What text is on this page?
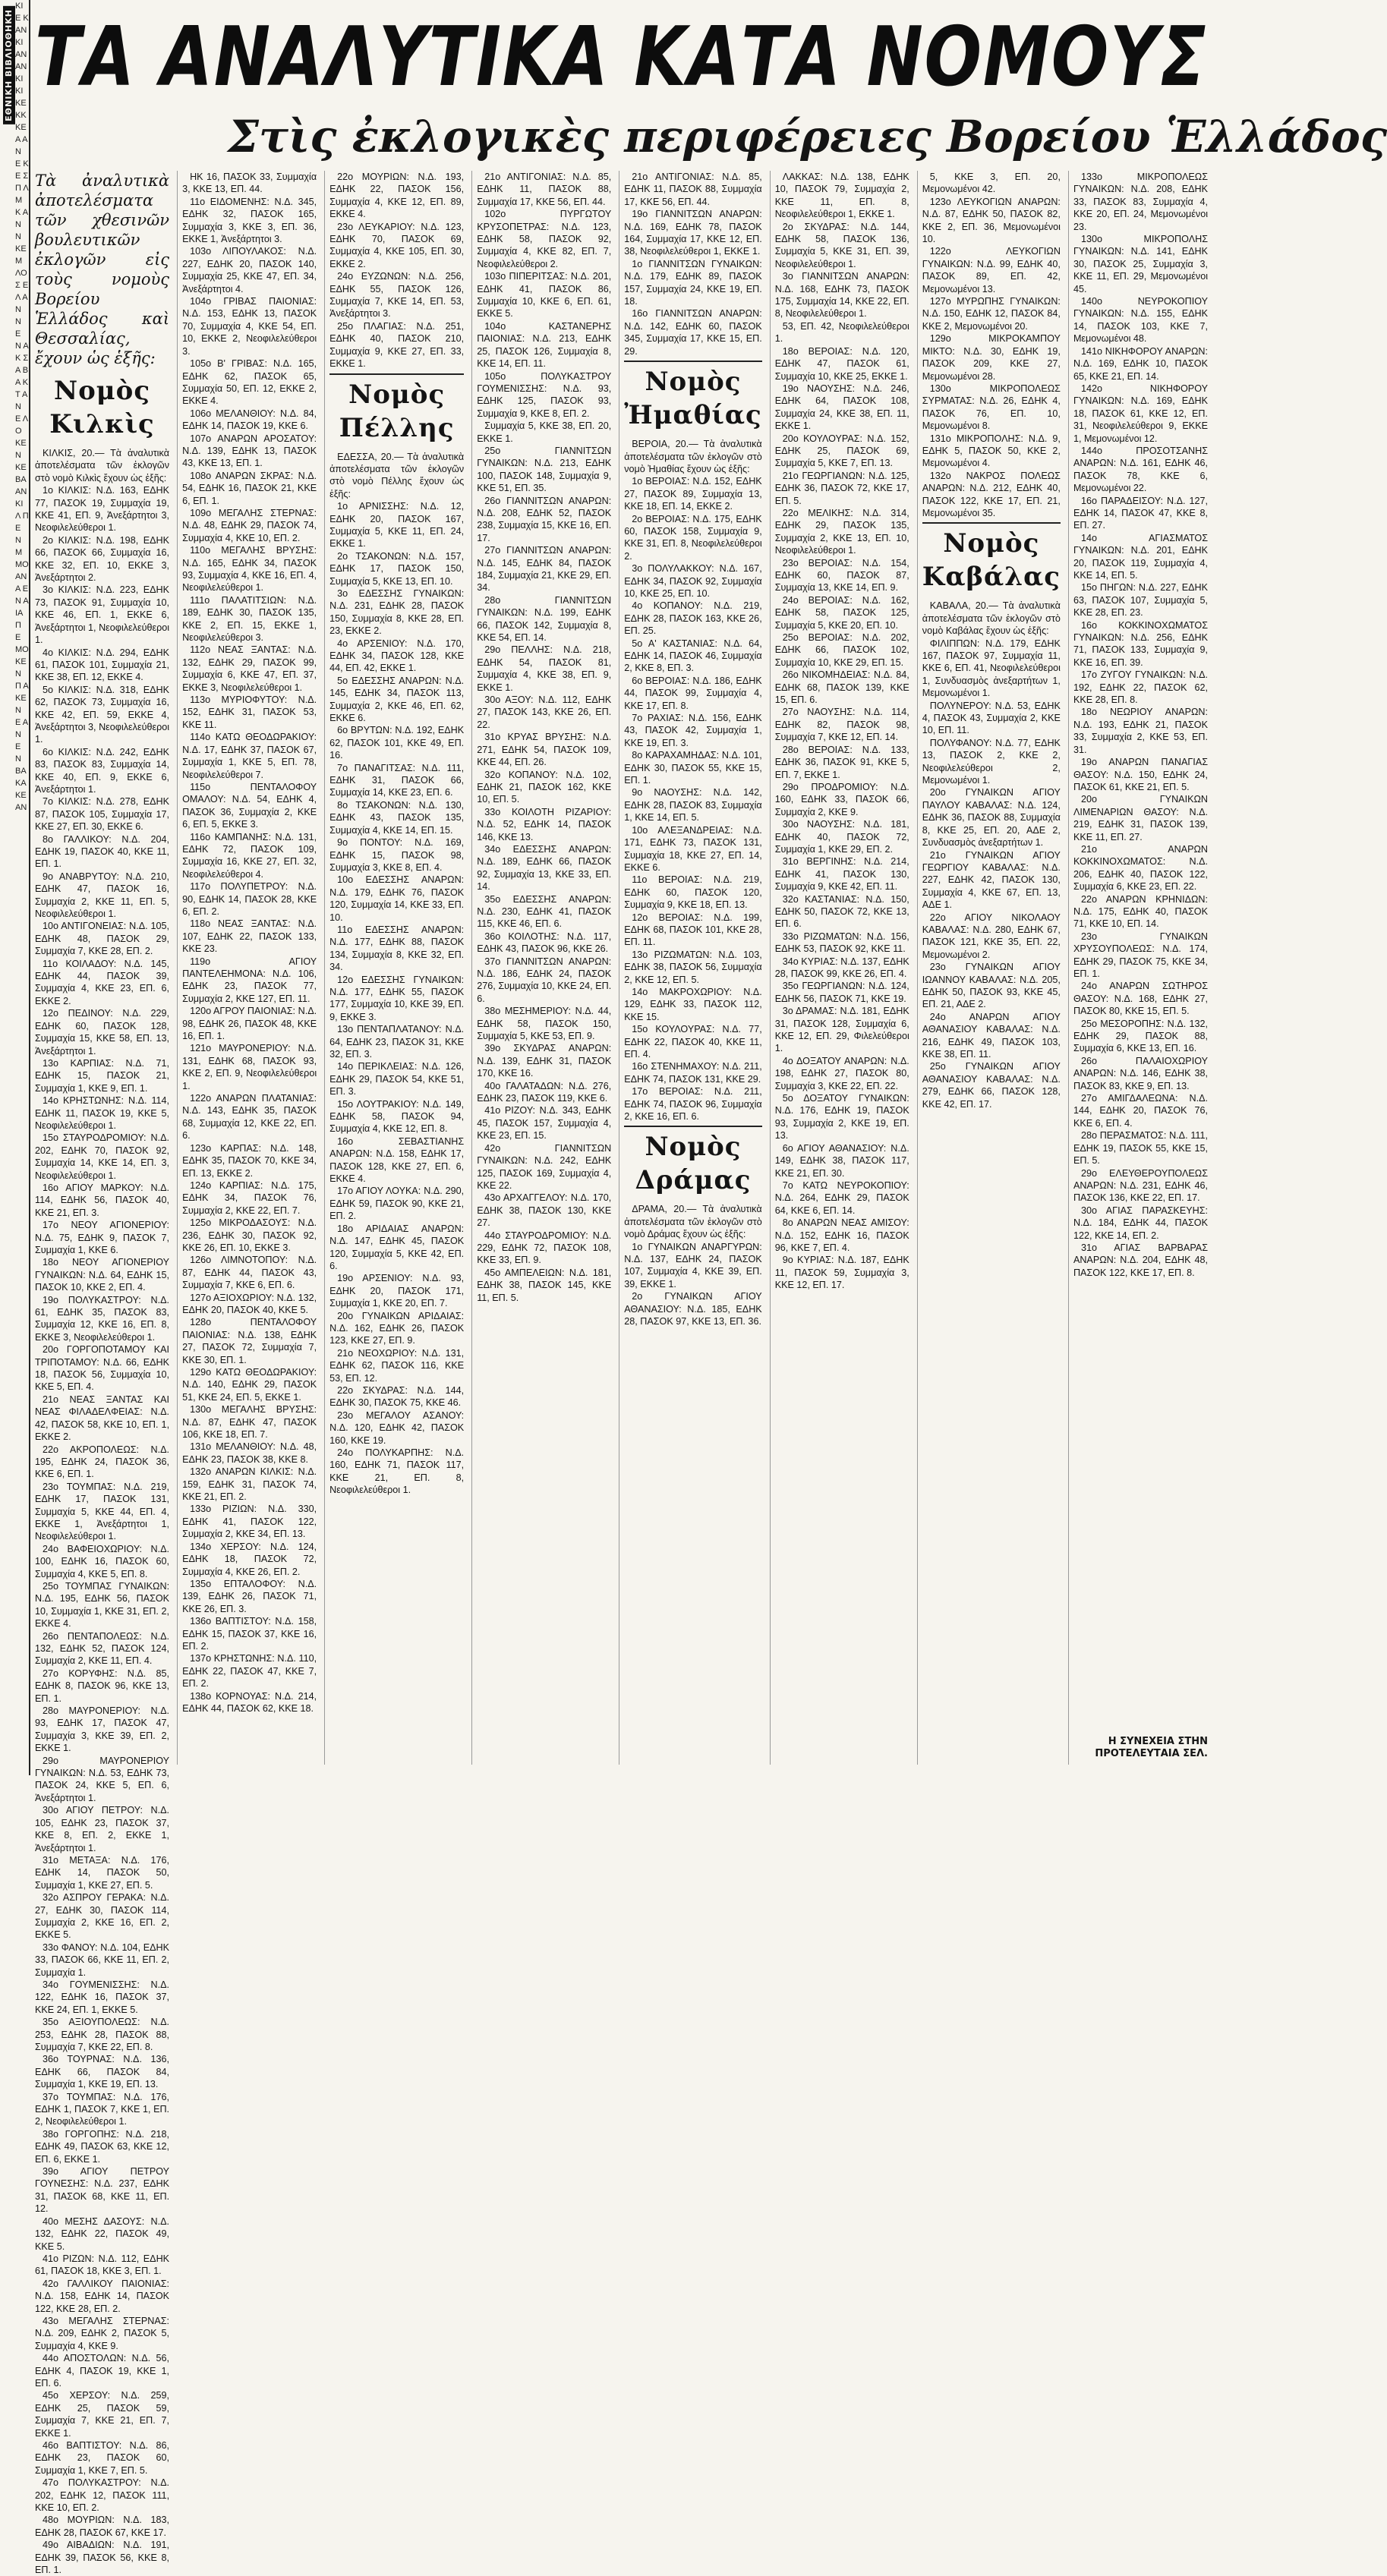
ΕΘΝΙΚΗ ΒΙΒΛΙΟΘΗΚΗ
ΚΙ Ε Κ ΑΝ ΚΙ ΑΝ ΑΝ ΚΙ ΚΙ ΚΕ ΚΚ ΚΕ Α ΑΝ Ε ΚΕ Σ Π Λ Μ Κ ΑΝ Ν ΚΕ Μ ΛΟ Σ ΕΛ ΑΝ Ν Ε Ν ΑΚ Σ Α ΒΑ Κ Τ Α Ν Ε ΛΟ ΚΕ Ν ΚΕ ΒΑ ΑΝ ΚΙ Λ Π Ε Ν Μ ΜΟ ΑΝ Α Ε Ν ΑΙΑ Π Ε ΜΟ ΚΕ Ν Π Α ΚΕ Ν Ε ΑΝ Ε Ν ΒΑ ΚΑ ΚΕ ΑΝ
ΤΑ ΑΝΑΛΥΤΙΚΑ ΚΑΤΑ ΝΟΜΟΥΣ
Στὶς ἐκλογικὲς περιφέρειες Βορείου Ἑλλάδος

Τὰ ἀναλυτικὰ ἀποτελέσματα τῶν χθεσινῶν βουλευτικῶν ἐκλογῶν εἰς τοὺς νομοὺς Βορείου Ἑλλάδος καὶ Θεσσαλίας, ἔχουν ὡς ἑξῆς:

Νομὸς Κιλκὶς

ΚΙΛΚΙΣ, 20.— Τὰ ἀναλυτικὰ ἀποτελέσματα τῶν ἐκλογῶν στὸ νομὸ Κιλκὶς ἔχουν ὡς ἑξῆς:

1ο ΚΙΛΚΙΣ: Ν.Δ. 163, ΕΔΗΚ 77, ΠΑΣΟΚ 19, Συμμαχία 19, ΚΚΕ 41, ΕΠ. 9, Ἀνεξάρτητοι 3, Νεοφιλελεύθεροι 1.

2ο ΚΙΛΚΙΣ: Ν.Δ. 198, ΕΔΗΚ 66, ΠΑΣΟΚ 66, Συμμαχία 16, ΚΚΕ 32, ΕΠ. 10, ΕΚΚΕ 3, Ἀνεξάρτητοι 2.

3ο ΚΙΛΚΙΣ: Ν.Δ. 223, ΕΔΗΚ 73, ΠΑΣΟΚ 91, Συμμαχία 10, ΚΚΕ 46, ΕΠ. 1, ΕΚΚΕ 6, Ἀνεξάρτητοι 1, Νεοφιλελεύθεροι 1.

4ο ΚΙΛΚΙΣ: Ν.Δ. 294, ΕΔΗΚ 61, ΠΑΣΟΚ 101, Συμμαχία 21, ΚΚΕ 38, ΕΠ. 12, ΕΚΚΕ 4.

5ο ΚΙΛΚΙΣ: Ν.Δ. 318, ΕΔΗΚ 62, ΠΑΣΟΚ 73, Συμμαχία 16, ΚΚΕ 42, ΕΠ. 59, ΕΚΚΕ 4, Ἀνεξάρτητοι 3, Νεοφιλελεύθεροι 1.

6ο ΚΙΛΚΙΣ: Ν.Δ. 242, ΕΔΗΚ 83, ΠΑΣΟΚ 83, Συμμαχία 14, ΚΚΕ 40, ΕΠ. 9, ΕΚΚΕ 6, Ἀνεξάρτητοι 1.

7ο ΚΙΛΚΙΣ: Ν.Δ. 278, ΕΔΗΚ 87, ΠΑΣΟΚ 105, Συμμαχία 17, ΚΚΕ 27, ΕΠ. 30, ΕΚΚΕ 6.

8ο ΓΑΛΛΙΚΟΥ: Ν.Δ. 204, ΕΔΗΚ 19, ΠΑΣΟΚ 40, ΚΚΕ 11, ΕΠ. 1.

9ο ΑΝΑΒΡΥΤΟΥ: Ν.Δ. 210, ΕΔΗΚ 47, ΠΑΣΟΚ 16, Συμμαχία 2, ΚΚΕ 11, ΕΠ. 5, Νεοφιλελεύθεροι 1.

10ο ΑΝΤΙΓΟΝΕΙΑΣ: Ν.Δ. 105, ΕΔΗΚ 48, ΠΑΣΟΚ 29, Συμμαχία 7, ΚΚΕ 28, ΕΠ. 2.

11ο ΚΟΙΛΑΔΟΥ: Ν.Δ. 145, ΕΔΗΚ 44, ΠΑΣΟΚ 39, Συμμαχία 4, ΚΚΕ 23, ΕΠ. 6, ΕΚΚΕ 2.

12ο ΠΕΔΙΝΟΥ: Ν.Δ. 229, ΕΔΗΚ 60, ΠΑΣΟΚ 128, Συμμαχία 15, ΚΚΕ 58, ΕΠ. 13, Ἀνεξάρτητοι 1.

13ο ΚΑΡΠΙΑΣ: Ν.Δ. 71, ΕΔΗΚ 15, ΠΑΣΟΚ 21, Συμμαχία 1, ΚΚΕ 9, ΕΠ. 1.

14ο ΚΡΗΣΤΩΝΗΣ: Ν.Δ. 114, ΕΔΗΚ 11, ΠΑΣΟΚ 19, ΚΚΕ 5, Νεοφιλελεύθεροι 1.

15ο ΣΤΑΥΡΟΔΡΟΜΙΟΥ: Ν.Δ. 202, ΕΔΗΚ 70, ΠΑΣΟΚ 92, Συμμαχία 14, ΚΚΕ 14, ΕΠ. 3, Νεοφιλελεύθεροι 1.

16ο ΑΓΙΟΥ ΜΑΡΚΟΥ: Ν.Δ. 114, ΕΔΗΚ 56, ΠΑΣΟΚ 40, ΚΚΕ 21, ΕΠ. 3.

17ο ΝΕΟΥ ΑΓΙΟΝΕΡΙΟΥ: Ν.Δ. 75, ΕΔΗΚ 9, ΠΑΣΟΚ 7, Συμμαχία 1, ΚΚΕ 6.

18ο ΝΕΟΥ ΑΓΙΟΝΕΡΙΟΥ ΓΥΝΑΙΚΩΝ: Ν.Δ. 64, ΕΔΗΚ 15, ΠΑΣΟΚ 10, ΚΚΕ 2, ΕΠ. 4.

19ο ΠΟΛΥΚΑΣΤΡΟΥ: Ν.Δ. 61, ΕΔΗΚ 35, ΠΑΣΟΚ 83, Συμμαχία 12, ΚΚΕ 16, ΕΠ. 8, ΕΚΚΕ 3, Νεοφιλελεύθεροι 1.

20ο ΓΟΡΓΟΠΟΤΑΜΟΥ ΚΑΙ ΤΡΙΠΟΤΑΜΟΥ: Ν.Δ. 66, ΕΔΗΚ 18, ΠΑΣΟΚ 56, Συμμαχία 10, ΚΚΕ 5, ΕΠ. 4.

21ο ΝΕΑΣ ΞΑΝΤΑΣ ΚΑΙ ΝΕΑΣ ΦΙΛΑΔΕΛΦΕΙΑΣ: Ν.Δ. 42, ΠΑΣΟΚ 58, ΚΚΕ 10, ΕΠ. 1, ΕΚΚΕ 2.

22ο ΑΚΡΟΠΟΛΕΩΣ: Ν.Δ. 195, ΕΔΗΚ 24, ΠΑΣΟΚ 36, ΚΚΕ 6, ΕΠ. 1.

23ο ΤΟΥΜΠΑΣ: Ν.Δ. 219, ΕΔΗΚ 17, ΠΑΣΟΚ 131, Συμμαχία 5, ΚΚΕ 44, ΕΠ. 4, ΕΚΚΕ 1, Ἀνεξάρτητοι 1, Νεοφιλελεύθεροι 1.

24ο ΒΑΦΕΙΟΧΩΡΙΟΥ: Ν.Δ. 100, ΕΔΗΚ 16, ΠΑΣΟΚ 60, Συμμαχία 4, ΚΚΕ 5, ΕΠ. 8.

25ο ΤΟΥΜΠΑΣ ΓΥΝΑΙΚΩΝ: Ν.Δ. 195, ΕΔΗΚ 56, ΠΑΣΟΚ 10, Συμμαχία 1, ΚΚΕ 31, ΕΠ. 2, ΕΚΚΕ 4.

26ο ΠΕΝΤΑΠΟΛΕΩΣ: Ν.Δ. 132, ΕΔΗΚ 52, ΠΑΣΟΚ 124, Συμμαχία 2, ΚΚΕ 11, ΕΠ. 4.

27ο ΚΟΡΥΦΗΣ: Ν.Δ. 85, ΕΔΗΚ 8, ΠΑΣΟΚ 96, ΚΚΕ 13, ΕΠ. 1.

28ο ΜΑΥΡΟΝΕΡΙΟΥ: Ν.Δ. 93, ΕΔΗΚ 17, ΠΑΣΟΚ 47, Συμμαχία 3, ΚΚΕ 39, ΕΠ. 2, ΕΚΚΕ 1.

29ο ΜΑΥΡΟΝΕΡΙΟΥ ΓΥΝΑΙΚΩΝ: Ν.Δ. 53, ΕΔΗΚ 73, ΠΑΣΟΚ 24, ΚΚΕ 5, ΕΠ. 6, Ἀνεξάρτητοι 1.

30ο ΑΓΙΟΥ ΠΕΤΡΟΥ: Ν.Δ. 105, ΕΔΗΚ 23, ΠΑΣΟΚ 37, ΚΚΕ 8, ΕΠ. 2, ΕΚΚΕ 1, Ἀνεξάρτητοι 1.

31ο ΜΕΤΑΞΑ: Ν.Δ. 176, ΕΔΗΚ 14, ΠΑΣΟΚ 50, Συμμαχία 1, ΚΚΕ 27, ΕΠ. 5.

32ο ΑΣΠΡΟΥ ΓΕΡΑΚΑ: Ν.Δ. 27, ΕΔΗΚ 30, ΠΑΣΟΚ 114, Συμμαχία 2, ΚΚΕ 16, ΕΠ. 2, ΕΚΚΕ 5.

33ο ΦΑΝΟΥ: Ν.Δ. 104, ΕΔΗΚ 33, ΠΑΣΟΚ 66, ΚΚΕ 11, ΕΠ. 2, Συμμαχία 1.

34ο ΓΟΥΜΕΝΙΣΣΗΣ: Ν.Δ. 122, ΕΔΗΚ 16, ΠΑΣΟΚ 37, ΚΚΕ 24, ΕΠ. 1, ΕΚΚΕ 5.

35ο ΑΞΙΟΥΠΟΛΕΩΣ: Ν.Δ. 253, ΕΔΗΚ 28, ΠΑΣΟΚ 88, Συμμαχία 7, ΚΚΕ 22, ΕΠ. 8.

36ο ΤΟΥΡΝΑΣ: Ν.Δ. 136, ΕΔΗΚ 66, ΠΑΣΟΚ 84, Συμμαχία 1, ΚΚΕ 19, ΕΠ. 13.

37ο ΤΟΥΜΠΑΣ: Ν.Δ. 176, ΕΔΗΚ 1, ΠΑΣΟΚ 7, ΚΚΕ 1, ΕΠ. 2, Νεοφιλελεύθεροι 1.

38ο ΓΟΡΓΟΠΗΣ: Ν.Δ. 218, ΕΔΗΚ 49, ΠΑΣΟΚ 63, ΚΚΕ 12, ΕΠ. 6, ΕΚΚΕ 1.

39ο ΑΓΙΟΥ ΠΕΤΡΟΥ ΓΟΥΝΕΣΗΣ: Ν.Δ. 237, ΕΔΗΚ 31, ΠΑΣΟΚ 68, ΚΚΕ 11, ΕΠ. 12.

40ο ΜΕΣΗΣ ΔΑΣΟΥΣ: Ν.Δ. 132, ΕΔΗΚ 22, ΠΑΣΟΚ 49, ΚΚΕ 5.

41ο ΡΙΖΩΝ: Ν.Δ. 112, ΕΔΗΚ 61, ΠΑΣΟΚ 18, ΚΚΕ 3, ΕΠ. 1.

42ο ΓΑΛΛΙΚΟΥ ΠΑΙΟΝΙΑΣ: Ν.Δ. 158, ΕΔΗΚ 14, ΠΑΣΟΚ 122, ΚΚΕ 28, ΕΠ. 2.

43ο ΜΕΓΑΛΗΣ ΣΤΕΡΝΑΣ: Ν.Δ. 209, ΕΔΗΚ 2, ΠΑΣΟΚ 5, Συμμαχία 4, ΚΚΕ 9.

44ο ΑΠΟΣΤΟΛΩΝ: Ν.Δ. 56, ΕΔΗΚ 4, ΠΑΣΟΚ 19, ΚΚΕ 1, ΕΠ. 6.

45ο ΧΕΡΣΟΥ: Ν.Δ. 259, ΕΔΗΚ 25, ΠΑΣΟΚ 59, Συμμαχία 7, ΚΚΕ 21, ΕΠ. 7, ΕΚΚΕ 1.

46ο ΒΑΠΤΙΣΤΟΥ: Ν.Δ. 86, ΕΔΗΚ 23, ΠΑΣΟΚ 60, Συμμαχία 1, ΚΚΕ 7, ΕΠ. 5.

47ο ΠΟΛΥΚΑΣΤΡΟΥ: Ν.Δ. 202, ΕΔΗΚ 12, ΠΑΣΟΚ 111, ΚΚΕ 10, ΕΠ. 2.

48ο ΜΟΥΡΙΩΝ: Ν.Δ. 183, ΕΔΗΚ 28, ΠΑΣΟΚ 67, ΚΚΕ 17.

49ο ΑΙΒΑΔΙΩΝ: Ν.Δ. 191, ΕΔΗΚ 39, ΠΑΣΟΚ 56, ΚΚΕ 8, ΕΠ. 1.

ΗΚ 16, ΠΑΣΟΚ 33, Συμμαχία 3, ΚΚΕ 13, ΕΠ. 44.

11ο ΕΙΔΟΜΕΝΗΣ: Ν.Δ. 345, ΕΔΗΚ 32, ΠΑΣΟΚ 165, Συμμαχία 3, ΚΚΕ 3, ΕΠ. 36, ΕΚΚΕ 1, Ἀνεξάρτητοι 3.

103ο ΛΙΠΟΥΛΑΚΟΣ: Ν.Δ. 227, ΕΔΗΚ 20, ΠΑΣΟΚ 140, Συμμαχία 25, ΚΚΕ 47, ΕΠ. 34, Ἀνεξάρτητοι 4.

104ο ΓΡΙΒΑΣ ΠΑΙΟΝΙΑΣ: Ν.Δ. 153, ΕΔΗΚ 13, ΠΑΣΟΚ 70, Συμμαχία 4, ΚΚΕ 54, ΕΠ. 10, ΕΚΚΕ 2, Νεοφιλελεύθεροι 3.

105ο Β' ΓΡΙΒΑΣ: Ν.Δ. 165, ΕΔΗΚ 62, ΠΑΣΟΚ 65, Συμμαχία 50, ΕΠ. 12, ΕΚΚΕ 2, ΕΚΚΕ 4.

106ο ΜΕΛΑΝΘΙΟΥ: Ν.Δ. 84, ΕΔΗΚ 14, ΠΑΣΟΚ 19, ΚΚΕ 6.

107ο ΑΝΑΡΩΝ ΑΡΟΣΑΤΟΥ: Ν.Δ. 139, ΕΔΗΚ 13, ΠΑΣΟΚ 43, ΚΚΕ 13, ΕΠ. 1.

108ο ΑΝΑΡΩΝ ΣΚΡΑΣ: Ν.Δ. 54, ΕΔΗΚ 16, ΠΑΣΟΚ 21, ΚΚΕ 6, ΕΠ. 1.

109ο ΜΕΓΑΛΗΣ ΣΤΕΡΝΑΣ: Ν.Δ. 48, ΕΔΗΚ 29, ΠΑΣΟΚ 74, Συμμαχία 4, ΚΚΕ 10, ΕΠ. 2.

110ο ΜΕΓΑΛΗΣ ΒΡΥΣΗΣ: Ν.Δ. 165, ΕΔΗΚ 34, ΠΑΣΟΚ 93, Συμμαχία 4, ΚΚΕ 16, ΕΠ. 4, Νεοφιλελεύθεροι 1.

111ο ΠΑΛΑΤΙΤΣΙΩΝ: Ν.Δ. 189, ΕΔΗΚ 30, ΠΑΣΟΚ 135, ΚΚΕ 2, ΕΠ. 15, ΕΚΚΕ 1, Νεοφιλελεύθεροι 3.

112ο ΝΕΑΣ ΞΑΝΤΑΣ: Ν.Δ. 132, ΕΔΗΚ 29, ΠΑΣΟΚ 99, Συμμαχία 6, ΚΚΕ 47, ΕΠ. 37, ΕΚΚΕ 3, Νεοφιλελεύθεροι 1.

113ο ΜΥΡΙΟΦΥΤΟΥ: Ν.Δ. 152, ΕΔΗΚ 31, ΠΑΣΟΚ 53, ΚΚΕ 11.

114ο ΚΑΤΩ ΘΕΟΔΩΡΑΚΙΟΥ: Ν.Δ. 17, ΕΔΗΚ 37, ΠΑΣΟΚ 67, Συμμαχία 1, ΚΚΕ 5, ΕΠ. 78, Νεοφιλελεύθεροι 7.

115ο ΠΕΝΤΑΛΟΦΟΥ ΟΜΑΛΟΥ: Ν.Δ. 54, ΕΔΗΚ 4, ΠΑΣΟΚ 36, Συμμαχία 2, ΚΚΕ 6, ΕΠ. 5, ΕΚΚΕ 3.

116ο ΚΑΜΠΑΝΗΣ: Ν.Δ. 131, ΕΔΗΚ 72, ΠΑΣΟΚ 109, Συμμαχία 16, ΚΚΕ 27, ΕΠ. 32, Νεοφιλελεύθεροι 4.

117ο ΠΟΛΥΠΕΤΡΟΥ: Ν.Δ. 90, ΕΔΗΚ 14, ΠΑΣΟΚ 28, ΚΚΕ 6, ΕΠ. 2.

118ο ΝΕΑΣ ΞΑΝΤΑΣ: Ν.Δ. 107, ΕΔΗΚ 22, ΠΑΣΟΚ 133, ΚΚΕ 23.

119ο ΑΓΙΟΥ ΠΑΝΤΕΛΕΗΜΟΝΑ: Ν.Δ. 106, ΕΔΗΚ 23, ΠΑΣΟΚ 77, Συμμαχία 2, ΚΚΕ 127, ΕΠ. 11.

120ο ΑΓΡΟΥ ΠΑΙΟΝΙΑΣ: Ν.Δ. 98, ΕΔΗΚ 26, ΠΑΣΟΚ 48, ΚΚΕ 16, ΕΠ. 1.

121ο ΜΑΥΡΟΝΕΡΙΟΥ: Ν.Δ. 131, ΕΔΗΚ 68, ΠΑΣΟΚ 93, ΚΚΕ 2, ΕΠ. 9, Νεοφιλελεύθεροι 1.

122ο ΑΝΑΡΩΝ ΠΛΑΤΑΝΙΑΣ: Ν.Δ. 143, ΕΔΗΚ 35, ΠΑΣΟΚ 68, Συμμαχία 12, ΚΚΕ 22, ΕΠ. 6.

123ο ΚΑΡΠΑΣ: Ν.Δ. 148, ΕΔΗΚ 35, ΠΑΣΟΚ 70, ΚΚΕ 34, ΕΠ. 13, ΕΚΚΕ 2.

124ο ΚΑΡΠΙΑΣ: Ν.Δ. 175, ΕΔΗΚ 34, ΠΑΣΟΚ 76, Συμμαχία 2, ΚΚΕ 22, ΕΠ. 7.

125ο ΜΙΚΡΟΔΑΣΟΥΣ: Ν.Δ. 236, ΕΔΗΚ 30, ΠΑΣΟΚ 92, ΚΚΕ 26, ΕΠ. 10, ΕΚΚΕ 3.

126ο ΛΙΜΝΟΤΟΠΟΥ: Ν.Δ. 87, ΕΔΗΚ 44, ΠΑΣΟΚ 43, Συμμαχία 7, ΚΚΕ 6, ΕΠ. 6.

127ο ΑΞΙΟΧΩΡΙΟΥ: Ν.Δ. 132, ΕΔΗΚ 20, ΠΑΣΟΚ 40, ΚΚΕ 5.

128ο ΠΕΝΤΑΛΟΦΟΥ ΠΑΙΟΝΙΑΣ: Ν.Δ. 138, ΕΔΗΚ 27, ΠΑΣΟΚ 72, Συμμαχία 7, ΚΚΕ 30, ΕΠ. 1.

129ο ΚΑΤΩ ΘΕΟΔΩΡΑΚΙΟΥ: Ν.Δ. 140, ΕΔΗΚ 29, ΠΑΣΟΚ 51, ΚΚΕ 24, ΕΠ. 5, ΕΚΚΕ 1.

130ο ΜΕΓΑΛΗΣ ΒΡΥΣΗΣ: Ν.Δ. 87, ΕΔΗΚ 47, ΠΑΣΟΚ 106, ΚΚΕ 18, ΕΠ. 7.

131ο ΜΕΛΑΝΘΙΟΥ: Ν.Δ. 48, ΕΔΗΚ 23, ΠΑΣΟΚ 38, ΚΚΕ 8.

132ο ΑΝΑΡΩΝ ΚΙΛΚΙΣ: Ν.Δ. 159, ΕΔΗΚ 31, ΠΑΣΟΚ 74, ΚΚΕ 21, ΕΠ. 2.

133ο ΡΙΖΙΩΝ: Ν.Δ. 330, ΕΔΗΚ 41, ΠΑΣΟΚ 122, Συμμαχία 2, ΚΚΕ 34, ΕΠ. 13.

134ο ΧΕΡΣΟΥ: Ν.Δ. 124, ΕΔΗΚ 18, ΠΑΣΟΚ 72, Συμμαχία 4, ΚΚΕ 26, ΕΠ. 2.

135ο ΕΠΤΑΛΟΦΟΥ: Ν.Δ. 139, ΕΔΗΚ 26, ΠΑΣΟΚ 71, ΚΚΕ 26, ΕΠ. 3.

136ο ΒΑΠΤΙΣΤΟΥ: Ν.Δ. 158, ΕΔΗΚ 15, ΠΑΣΟΚ 37, ΚΚΕ 16, ΕΠ. 2.

137ο ΚΡΗΣΤΩΝΗΣ: Ν.Δ. 110, ΕΔΗΚ 22, ΠΑΣΟΚ 47, ΚΚΕ 7, ΕΠ. 2.

138ο ΚΟΡΝΟΥΑΣ: Ν.Δ. 214, ΕΔΗΚ 44, ΠΑΣΟΚ 62, ΚΚΕ 18.

22ο ΜΟΥΡΙΩΝ: Ν.Δ. 193, ΕΔΗΚ 22, ΠΑΣΟΚ 156, Συμμαχία 4, ΚΚΕ 12, ΕΠ. 89, ΕΚΚΕ 4.

23ο ΛΕΥΚΑΡΙΟΥ: Ν.Δ. 123, ΕΔΗΚ 70, ΠΑΣΟΚ 69, Συμμαχία 4, ΚΚΕ 105, ΕΠ. 30, ΕΚΚΕ 2.

24ο ΕΥΖΩΝΩΝ: Ν.Δ. 256, ΕΔΗΚ 55, ΠΑΣΟΚ 126, Συμμαχία 7, ΚΚΕ 14, ΕΠ. 53, Ἀνεξάρτητοι 3.

25ο ΠΛΑΓΙΑΣ: Ν.Δ. 251, ΕΔΗΚ 40, ΠΑΣΟΚ 210, Συμμαχία 9, ΚΚΕ 27, ΕΠ. 33, ΕΚΚΕ 1.

Νομὸς Πέλλης

ΕΔΕΣΣΑ, 20.— Τὰ ἀναλυτικὰ ἀποτελέσματα τῶν ἐκλογῶν στὸ νομὸ Πέλλης ἔχουν ὡς ἑξῆς:

1ο ΑΡΝΙΣΣΗΣ: Ν.Δ. 12, ΕΔΗΚ 20, ΠΑΣΟΚ 167, Συμμαχία 5, ΚΚΕ 11, ΕΠ. 24, ΕΚΚΕ 1.

2ο ΤΣΑΚΟΝΩΝ: Ν.Δ. 157, ΕΔΗΚ 17, ΠΑΣΟΚ 150, Συμμαχία 5, ΚΚΕ 13, ΕΠ. 10.

3ο ΕΔΕΣΣΗΣ ΓΥΝΑΙΚΩΝ: Ν.Δ. 231, ΕΔΗΚ 28, ΠΑΣΟΚ 150, Συμμαχία 8, ΚΚΕ 28, ΕΠ. 23, ΕΚΚΕ 2.

4ο ΑΡΣΕΝΙΟΥ: Ν.Δ. 170, ΕΔΗΚ 34, ΠΑΣΟΚ 128, ΚΚΕ 44, ΕΠ. 42, ΕΚΚΕ 1.

5ο ΕΔΕΣΣΗΣ ΑΝΑΡΩΝ: Ν.Δ. 145, ΕΔΗΚ 34, ΠΑΣΟΚ 113, Συμμαχία 2, ΚΚΕ 46, ΕΠ. 62, ΕΚΚΕ 6.

6ο ΒΡΥΤΩΝ: Ν.Δ. 192, ΕΔΗΚ 62, ΠΑΣΟΚ 101, ΚΚΕ 49, ΕΠ. 16.

7ο ΠΑΝΑΓΙΤΣΑΣ: Ν.Δ. 111, ΕΔΗΚ 31, ΠΑΣΟΚ 66, Συμμαχία 14, ΚΚΕ 23, ΕΠ. 6.

8ο ΤΣΑΚΟΝΩΝ: Ν.Δ. 130, ΕΔΗΚ 43, ΠΑΣΟΚ 135, Συμμαχία 4, ΚΚΕ 14, ΕΠ. 15.

9ο ΠΟΝΤΟΥ: Ν.Δ. 169, ΕΔΗΚ 15, ΠΑΣΟΚ 98, Συμμαχία 3, ΚΚΕ 8, ΕΠ. 4.

10ο ΕΔΕΣΣΗΣ ΑΝΑΡΩΝ: Ν.Δ. 179, ΕΔΗΚ 76, ΠΑΣΟΚ 120, Συμμαχία 14, ΚΚΕ 33, ΕΠ. 10.

11ο ΕΔΕΣΣΗΣ ΑΝΑΡΩΝ: Ν.Δ. 177, ΕΔΗΚ 88, ΠΑΣΟΚ 134, Συμμαχία 8, ΚΚΕ 32, ΕΠ. 34.

12ο ΕΔΕΣΣΗΣ ΓΥΝΑΙΚΩΝ: Ν.Δ. 177, ΕΔΗΚ 55, ΠΑΣΟΚ 177, Συμμαχία 10, ΚΚΕ 39, ΕΠ. 9, ΕΚΚΕ 3.

13ο ΠΕΝΤΑΠΛΑΤΑΝΟΥ: Ν.Δ. 64, ΕΔΗΚ 23, ΠΑΣΟΚ 31, ΚΚΕ 32, ΕΠ. 3.

14ο ΠΕΡΙΚΛΕΙΑΣ: Ν.Δ. 126, ΕΔΗΚ 29, ΠΑΣΟΚ 54, ΚΚΕ 51, ΕΠ. 3.

15ο ΛΟΥΤΡΑΚΙΟΥ: Ν.Δ. 149, ΕΔΗΚ 58, ΠΑΣΟΚ 94, Συμμαχία 4, ΚΚΕ 12, ΕΠ. 8.

16ο ΣΕΒΑΣΤΙΑΝΗΣ ΑΝΑΡΩΝ: Ν.Δ. 158, ΕΔΗΚ 17, ΠΑΣΟΚ 128, ΚΚΕ 27, ΕΠ. 6, ΕΚΚΕ 4.

17ο ΑΓΙΟΥ ΛΟΥΚΑ: Ν.Δ. 290, ΕΔΗΚ 59, ΠΑΣΟΚ 90, ΚΚΕ 21, ΕΠ. 2.

18ο ΑΡΙΔΑΙΑΣ ΑΝΑΡΩΝ: Ν.Δ. 147, ΕΔΗΚ 45, ΠΑΣΟΚ 120, Συμμαχία 5, ΚΚΕ 42, ΕΠ. 6.

19ο ΑΡΣΕΝΙΟΥ: Ν.Δ. 93, ΕΔΗΚ 20, ΠΑΣΟΚ 171, Συμμαχία 1, ΚΚΕ 20, ΕΠ. 7.

20ο ΓΥΝΑΙΚΩΝ ΑΡΙΔΑΙΑΣ: Ν.Δ. 162, ΕΔΗΚ 26, ΠΑΣΟΚ 123, ΚΚΕ 27, ΕΠ. 9.

21ο ΝΕΟΧΩΡΙΟΥ: Ν.Δ. 131, ΕΔΗΚ 62, ΠΑΣΟΚ 116, ΚΚΕ 53, ΕΠ. 12.

22ο ΣΚΥΔΡΑΣ: Ν.Δ. 144, ΕΔΗΚ 30, ΠΑΣΟΚ 75, ΚΚΕ 46.

23ο ΜΕΓΑΛΟΥ ΑΣΑΝΟΥ: Ν.Δ. 120, ΕΔΗΚ 42, ΠΑΣΟΚ 160, ΚΚΕ 19.

24ο ΠΟΛΥΚΑΡΠΗΣ: Ν.Δ. 160, ΕΔΗΚ 71, ΠΑΣΟΚ 117, ΚΚΕ 21, ΕΠ. 8, Νεοφιλελεύθεροι 1.

21ο ΑΝΤΙΓΟΝΙΑΣ: Ν.Δ. 85, ΕΔΗΚ 11, ΠΑΣΟΚ 88, Συμμαχία 17, ΚΚΕ 56, ΕΠ. 44.

102ο ΠΥΡΓΩΤΟΥ ΚΡΥΣΟΠΕΤΡΑΣ: Ν.Δ. 123, ΕΔΗΚ 58, ΠΑΣΟΚ 92, Συμμαχία 4, ΚΚΕ 82, ΕΠ. 7, Νεοφιλελεύθεροι 2.

103ο ΠΙΠΕΡΙΤΣΑΣ: Ν.Δ. 201, ΕΔΗΚ 41, ΠΑΣΟΚ 86, Συμμαχία 10, ΚΚΕ 6, ΕΠ. 61, ΕΚΚΕ 5.

104ο ΚΑΣΤΑΝΕΡΗΣ ΠΑΙΟΝΙΑΣ: Ν.Δ. 213, ΕΔΗΚ 25, ΠΑΣΟΚ 126, Συμμαχία 8, ΚΚΕ 14, ΕΠ. 11.

105ο ΠΟΛΥΚΑΣΤΡΟΥ ΓΟΥΜΕΝΙΣΣΗΣ: Ν.Δ. 93, ΕΔΗΚ 125, ΠΑΣΟΚ 93, Συμμαχία 9, ΚΚΕ 8, ΕΠ. 2.

Συμμαχία 5, ΚΚΕ 38, ΕΠ. 20, ΕΚΚΕ 1.

25ο ΓΙΑΝΝΙΤΣΩΝ ΓΥΝΑΙΚΩΝ: Ν.Δ. 213, ΕΔΗΚ 100, ΠΑΣΟΚ 148, Συμμαχία 9, ΚΚΕ 51, ΕΠ. 35.

26ο ΓΙΑΝΝΙΤΣΩΝ ΑΝΑΡΩΝ: Ν.Δ. 208, ΕΔΗΚ 52, ΠΑΣΟΚ 238, Συμμαχία 15, ΚΚΕ 16, ΕΠ. 17.

27ο ΓΙΑΝΝΙΤΣΩΝ ΑΝΑΡΩΝ: Ν.Δ. 145, ΕΔΗΚ 84, ΠΑΣΟΚ 184, Συμμαχία 21, ΚΚΕ 29, ΕΠ. 34.

28ο ΓΙΑΝΝΙΤΣΩΝ ΓΥΝΑΙΚΩΝ: Ν.Δ. 199, ΕΔΗΚ 66, ΠΑΣΟΚ 142, Συμμαχία 8, ΚΚΕ 54, ΕΠ. 14.

29ο ΠΕΛΛΗΣ: Ν.Δ. 218, ΕΔΗΚ 54, ΠΑΣΟΚ 81, Συμμαχία 4, ΚΚΕ 38, ΕΠ. 9, ΕΚΚΕ 1.

30ο ΑΞΟΥ: Ν.Δ. 112, ΕΔΗΚ 27, ΠΑΣΟΚ 143, ΚΚΕ 26, ΕΠ. 22.

31ο ΚΡΥΑΣ ΒΡΥΣΗΣ: Ν.Δ. 271, ΕΔΗΚ 54, ΠΑΣΟΚ 109, ΚΚΕ 44, ΕΠ. 26.

32ο ΚΟΠΑΝΟΥ: Ν.Δ. 102, ΕΔΗΚ 21, ΠΑΣΟΚ 162, ΚΚΕ 10, ΕΠ. 5.

33ο ΚΟΙΛΟΤΗ ΡΙΖΑΡΙΟΥ: Ν.Δ. 52, ΕΔΗΚ 14, ΠΑΣΟΚ 146, ΚΚΕ 13.

34ο ΕΔΕΣΣΗΣ ΑΝΑΡΩΝ: Ν.Δ. 189, ΕΔΗΚ 66, ΠΑΣΟΚ 92, Συμμαχία 13, ΚΚΕ 33, ΕΠ. 14.

35ο ΕΔΕΣΣΗΣ ΑΝΑΡΩΝ: Ν.Δ. 230, ΕΔΗΚ 41, ΠΑΣΟΚ 115, ΚΚΕ 46, ΕΠ. 6.

36ο ΚΟΙΛΟΤΗΣ: Ν.Δ. 117, ΕΔΗΚ 43, ΠΑΣΟΚ 96, ΚΚΕ 26.

37ο ΓΙΑΝΝΙΤΣΩΝ ΑΝΑΡΩΝ: Ν.Δ. 186, ΕΔΗΚ 24, ΠΑΣΟΚ 276, Συμμαχία 10, ΚΚΕ 24, ΕΠ. 6.

38ο ΜΕΣΗΜΕΡΙΟΥ: Ν.Δ. 44, ΕΔΗΚ 58, ΠΑΣΟΚ 150, Συμμαχία 5, ΚΚΕ 53, ΕΠ. 9.

39ο ΣΚΥΔΡΑΣ ΑΝΑΡΩΝ: Ν.Δ. 139, ΕΔΗΚ 31, ΠΑΣΟΚ 170, ΚΚΕ 16.

40ο ΓΑΛΑΤΑΔΩΝ: Ν.Δ. 276, ΕΔΗΚ 23, ΠΑΣΟΚ 119, ΚΚΕ 6.

41ο ΡΙΖΟΥ: Ν.Δ. 343, ΕΔΗΚ 45, ΠΑΣΟΚ 157, Συμμαχία 4, ΚΚΕ 23, ΕΠ. 15.

42ο ΓΙΑΝΝΙΤΣΩΝ ΓΥΝΑΙΚΩΝ: Ν.Δ. 242, ΕΔΗΚ 125, ΠΑΣΟΚ 169, Συμμαχία 4, ΚΚΕ 22.

43ο ΑΡΧΑΓΓΕΛΟΥ: Ν.Δ. 170, ΕΔΗΚ 38, ΠΑΣΟΚ 130, ΚΚΕ 27.

44ο ΣΤΑΥΡΟΔΡΟΜΙΟΥ: Ν.Δ. 229, ΕΔΗΚ 72, ΠΑΣΟΚ 108, ΚΚΕ 33, ΕΠ. 9.

45ο ΑΜΠΕΛΕΙΩΝ: Ν.Δ. 181, ΕΔΗΚ 38, ΠΑΣΟΚ 145, ΚΚΕ 11, ΕΠ. 5.

21ο ΑΝΤΙΓΟΝΙΑΣ: Ν.Δ. 85, ΕΔΗΚ 11, ΠΑΣΟΚ 88, Συμμαχία 17, ΚΚΕ 56, ΕΠ. 44.

19ο ΓΙΑΝΝΙΤΣΩΝ ΑΝΑΡΩΝ: Ν.Δ. 169, ΕΔΗΚ 78, ΠΑΣΟΚ 164, Συμμαχία 17, ΚΚΕ 12, ΕΠ. 38, Νεοφιλελεύθεροι 1, ΕΚΚΕ 1.

1ο ΓΙΑΝΝΙΤΣΩΝ ΓΥΝΑΙΚΩΝ: Ν.Δ. 179, ΕΔΗΚ 89, ΠΑΣΟΚ 157, Συμμαχία 24, ΚΚΕ 19, ΕΠ. 18.

16ο ΓΙΑΝΝΙΤΣΩΝ ΑΝΑΡΩΝ: Ν.Δ. 142, ΕΔΗΚ 60, ΠΑΣΟΚ 345, Συμμαχία 17, ΚΚΕ 15, ΕΠ. 29.

Νομὸς Ἠμαθίας

ΒΕΡΟΙΑ, 20.— Τὰ ἀναλυτικὰ ἀποτελέσματα τῶν ἐκλογῶν στὸ νομὸ Ἠμαθίας ἔχουν ὡς ἑξῆς:

1ο ΒΕΡΟΙΑΣ: Ν.Δ. 152, ΕΔΗΚ 27, ΠΑΣΟΚ 89, Συμμαχία 13, ΚΚΕ 18, ΕΠ. 14, ΕΚΚΕ 2.

2ο ΒΕΡΟΙΑΣ: Ν.Δ. 175, ΕΔΗΚ 60, ΠΑΣΟΚ 158, Συμμαχία 9, ΚΚΕ 31, ΕΠ. 8, Νεοφιλελεύθεροι 2.

3ο ΠΟΛΥΛΑΚΚΟΥ: Ν.Δ. 167, ΕΔΗΚ 34, ΠΑΣΟΚ 92, Συμμαχία 10, ΚΚΕ 25, ΕΠ. 10.

4ο ΚΟΠΑΝΟΥ: Ν.Δ. 219, ΕΔΗΚ 28, ΠΑΣΟΚ 163, ΚΚΕ 26, ΕΠ. 25.

5ο Α' ΚΑΣΤΑΝΙΑΣ: Ν.Δ. 64, ΕΔΗΚ 14, ΠΑΣΟΚ 46, Συμμαχία 2, ΚΚΕ 8, ΕΠ. 3.

6ο ΒΕΡΟΙΑΣ: Ν.Δ. 186, ΕΔΗΚ 44, ΠΑΣΟΚ 99, Συμμαχία 4, ΚΚΕ 17, ΕΠ. 8.

7ο ΡΑΧΙΑΣ: Ν.Δ. 156, ΕΔΗΚ 43, ΠΑΣΟΚ 42, Συμμαχία 1, ΚΚΕ 19, ΕΠ. 3.

8ο ΚΑΡΑΧΑΜΗΔΑΣ: Ν.Δ. 101, ΕΔΗΚ 30, ΠΑΣΟΚ 55, ΚΚΕ 15, ΕΠ. 1.

9ο ΝΑΟΥΣΗΣ: Ν.Δ. 142, ΕΔΗΚ 28, ΠΑΣΟΚ 83, Συμμαχία 1, ΚΚΕ 14, ΕΠ. 5.

10ο ΑΛΕΞΑΝΔΡΕΙΑΣ: Ν.Δ. 171, ΕΔΗΚ 73, ΠΑΣΟΚ 131, Συμμαχία 18, ΚΚΕ 27, ΕΠ. 14, ΕΚΚΕ 6.

11ο ΒΕΡΟΙΑΣ: Ν.Δ. 219, ΕΔΗΚ 60, ΠΑΣΟΚ 120, Συμμαχία 9, ΚΚΕ 18, ΕΠ. 13.

12ο ΒΕΡΟΙΑΣ: Ν.Δ. 199, ΕΔΗΚ 68, ΠΑΣΟΚ 101, ΚΚΕ 28, ΕΠ. 11.

13ο ΡΙΖΩΜΑΤΩΝ: Ν.Δ. 103, ΕΔΗΚ 38, ΠΑΣΟΚ 56, Συμμαχία 2, ΚΚΕ 12, ΕΠ. 5.

14ο ΜΑΚΡΟΧΩΡΙΟΥ: Ν.Δ. 129, ΕΔΗΚ 33, ΠΑΣΟΚ 112, ΚΚΕ 15.

15ο ΚΟΥΛΟΥΡΑΣ: Ν.Δ. 77, ΕΔΗΚ 22, ΠΑΣΟΚ 40, ΚΚΕ 11, ΕΠ. 4.

16ο ΣΤΕΝΗΜΑΧΟΥ: Ν.Δ. 211, ΕΔΗΚ 74, ΠΑΣΟΚ 131, ΚΚΕ 29.

17ο ΒΕΡΟΙΑΣ: Ν.Δ. 211, ΕΔΗΚ 74, ΠΑΣΟΚ 96, Συμμαχία 2, ΚΚΕ 16, ΕΠ. 6.

Νομὸς Δράμας

ΔΡΑΜΑ, 20.— Τὰ ἀναλυτικὰ ἀποτελέσματα τῶν ἐκλογῶν στὸ νομὸ Δράμας ἔχουν ὡς ἑξῆς:

1ο ΓΥΝΑΙΚΩΝ ΑΝΑΡΓΥΡΩΝ: Ν.Δ. 137, ΕΔΗΚ 24, ΠΑΣΟΚ 107, Συμμαχία 4, ΚΚΕ 39, ΕΠ. 39, ΕΚΚΕ 1.

2ο ΓΥΝΑΙΚΩΝ ΑΓΙΟΥ ΑΘΑΝΑΣΙΟΥ: Ν.Δ. 185, ΕΔΗΚ 28, ΠΑΣΟΚ 97, ΚΚΕ 13, ΕΠ. 36.

ΛΑΚΚΑΣ: Ν.Δ. 138, ΕΔΗΚ 10, ΠΑΣΟΚ 79, Συμμαχία 2, ΚΚΕ 11, ΕΠ. 8, Νεοφιλελεύθεροι 1, ΕΚΚΕ 1.

2ο ΣΚΥΔΡΑΣ: Ν.Δ. 144, ΕΔΗΚ 58, ΠΑΣΟΚ 136, Συμμαχία 5, ΚΚΕ 31, ΕΠ. 39, Νεοφιλελεύθεροι 1.

3ο ΓΙΑΝΝΙΤΣΩΝ ΑΝΑΡΩΝ: Ν.Δ. 168, ΕΔΗΚ 73, ΠΑΣΟΚ 175, Συμμαχία 14, ΚΚΕ 22, ΕΠ. 8, Νεοφιλελεύθεροι 1.

53, ΕΠ. 42, Νεοφιλελεύθεροι 1.

18ο ΒΕΡΟΙΑΣ: Ν.Δ. 120, ΕΔΗΚ 47, ΠΑΣΟΚ 61, Συμμαχία 10, ΚΚΕ 25, ΕΚΚΕ 1.

19ο ΝΑΟΥΣΗΣ: Ν.Δ. 246, ΕΔΗΚ 64, ΠΑΣΟΚ 108, Συμμαχία 24, ΚΚΕ 38, ΕΠ. 11, ΕΚΚΕ 1.

20ο ΚΟΥΛΟΥΡΑΣ: Ν.Δ. 152, ΕΔΗΚ 25, ΠΑΣΟΚ 69, Συμμαχία 5, ΚΚΕ 7, ΕΠ. 13.

21ο ΓΕΩΡΓΙΑΝΩΝ: Ν.Δ. 125, ΕΔΗΚ 36, ΠΑΣΟΚ 72, ΚΚΕ 17, ΕΠ. 5.

22ο ΜΕΛΙΚΗΣ: Ν.Δ. 314, ΕΔΗΚ 29, ΠΑΣΟΚ 135, Συμμαχία 2, ΚΚΕ 13, ΕΠ. 10, Νεοφιλελεύθεροι 1.

23ο ΒΕΡΟΙΑΣ: Ν.Δ. 154, ΕΔΗΚ 60, ΠΑΣΟΚ 87, Συμμαχία 13, ΚΚΕ 14, ΕΠ. 9.

24ο ΒΕΡΟΙΑΣ: Ν.Δ. 162, ΕΔΗΚ 58, ΠΑΣΟΚ 125, Συμμαχία 5, ΚΚΕ 20, ΕΠ. 10.

25ο ΒΕΡΟΙΑΣ: Ν.Δ. 202, ΕΔΗΚ 66, ΠΑΣΟΚ 102, Συμμαχία 10, ΚΚΕ 29, ΕΠ. 15.

26ο ΝΙΚΟΜΗΔΕΙΑΣ: Ν.Δ. 84, ΕΔΗΚ 68, ΠΑΣΟΚ 139, ΚΚΕ 15, ΕΠ. 6.

27ο ΝΑΟΥΣΗΣ: Ν.Δ. 114, ΕΔΗΚ 82, ΠΑΣΟΚ 98, Συμμαχία 7, ΚΚΕ 12, ΕΠ. 14.

28ο ΒΕΡΟΙΑΣ: Ν.Δ. 133, ΕΔΗΚ 36, ΠΑΣΟΚ 91, ΚΚΕ 5, ΕΠ. 7, ΕΚΚΕ 1.

29ο ΠΡΟΔΡΟΜΙΟΥ: Ν.Δ. 160, ΕΔΗΚ 33, ΠΑΣΟΚ 66, Συμμαχία 2, ΚΚΕ 9.

30ο ΝΑΟΥΣΗΣ: Ν.Δ. 181, ΕΔΗΚ 40, ΠΑΣΟΚ 72, Συμμαχία 1, ΚΚΕ 29, ΕΠ. 2.

31ο ΒΕΡΓΙΝΗΣ: Ν.Δ. 214, ΕΔΗΚ 41, ΠΑΣΟΚ 130, Συμμαχία 9, ΚΚΕ 42, ΕΠ. 11.

32ο ΚΑΣΤΑΝΙΑΣ: Ν.Δ. 150, ΕΔΗΚ 50, ΠΑΣΟΚ 72, ΚΚΕ 13, ΕΠ. 6.

33ο ΡΙΖΩΜΑΤΩΝ: Ν.Δ. 156, ΕΔΗΚ 53, ΠΑΣΟΚ 92, ΚΚΕ 11.

34ο ΚΥΡΙΑΣ: Ν.Δ. 137, ΕΔΗΚ 28, ΠΑΣΟΚ 99, ΚΚΕ 26, ΕΠ. 4.

35ο ΓΕΩΡΓΙΑΝΩΝ: Ν.Δ. 124, ΕΔΗΚ 56, ΠΑΣΟΚ 71, ΚΚΕ 19.

3ο ΔΡΑΜΑΣ: Ν.Δ. 181, ΕΔΗΚ 31, ΠΑΣΟΚ 128, Συμμαχία 6, ΚΚΕ 12, ΕΠ. 29, Φιλελεύθεροι 1.

4ο ΔΟΞΑΤΟΥ ΑΝΑΡΩΝ: Ν.Δ. 198, ΕΔΗΚ 27, ΠΑΣΟΚ 80, Συμμαχία 3, ΚΚΕ 22, ΕΠ. 22.

5ο ΔΟΞΑΤΟΥ ΓΥΝΑΙΚΩΝ: Ν.Δ. 176, ΕΔΗΚ 19, ΠΑΣΟΚ 93, Συμμαχία 2, ΚΚΕ 19, ΕΠ. 13.

6ο ΑΓΙΟΥ ΑΘΑΝΑΣΙΟΥ: Ν.Δ. 149, ΕΔΗΚ 38, ΠΑΣΟΚ 117, ΚΚΕ 21, ΕΠ. 30.

7ο ΚΑΤΩ ΝΕΥΡΟΚΟΠΙΟΥ: Ν.Δ. 264, ΕΔΗΚ 29, ΠΑΣΟΚ 64, ΚΚΕ 6, ΕΠ. 14.

8ο ΑΝΑΡΩΝ ΝΕΑΣ ΑΜΙΣΟΥ: Ν.Δ. 152, ΕΔΗΚ 16, ΠΑΣΟΚ 96, ΚΚΕ 7, ΕΠ. 4.

9ο ΚΥΡΙΑΣ: Ν.Δ. 187, ΕΔΗΚ 11, ΠΑΣΟΚ 59, Συμμαχία 3, ΚΚΕ 12, ΕΠ. 17.

5, ΚΚΕ 3, ΕΠ. 20, Μεμονωμένοι 42.

123ο ΛΕΥΚΟΓΙΩΝ ΑΝΑΡΩΝ: Ν.Δ. 87, ΕΔΗΚ 50, ΠΑΣΟΚ 82, ΚΚΕ 2, ΕΠ. 36, Μεμονωμένοι 10.

122ο ΛΕΥΚΟΓΙΩΝ ΓΥΝΑΙΚΩΝ: Ν.Δ. 99, ΕΔΗΚ 40, ΠΑΣΟΚ 89, ΕΠ. 42, Μεμονωμένοι 13.

127ο ΜΥΡΩΠΗΣ ΓΥΝΑΙΚΩΝ: Ν.Δ. 150, ΕΔΗΚ 12, ΠΑΣΟΚ 84, ΚΚΕ 2, Μεμονωμένοι 20.

129ο ΜΙΚΡΟΚΑΜΠΟΥ ΜΙΚΤΟ: Ν.Δ. 30, ΕΔΗΚ 19, ΠΑΣΟΚ 209, ΚΚΕ 27, Μεμονωμένοι 28.

130ο ΜΙΚΡΟΠΟΛΕΩΣ ΣΥΡΜΑΤΑΣ: Ν.Δ. 26, ΕΔΗΚ 4, ΠΑΣΟΚ 76, ΕΠ. 10, Μεμονωμένοι 8.

131ο ΜΙΚΡΟΠΟΛΗΣ: Ν.Δ. 9, ΕΔΗΚ 5, ΠΑΣΟΚ 50, ΚΚΕ 2, Μεμονωμένοι 4.

132ο ΝΑΚΡΟΣ ΠΟΛΕΩΣ ΑΝΑΡΩΝ: Ν.Δ. 212, ΕΔΗΚ 40, ΠΑΣΟΚ 122, ΚΚΕ 17, ΕΠ. 21, Μεμονωμένοι 35.

Νομὸς Καβάλας

ΚΑΒΑΛΑ, 20.— Τὰ ἀναλυτικὰ ἀποτελέσματα τῶν ἐκλογῶν στὸ νομὸ Καβάλας ἔχουν ὡς ἑξῆς:

ΦΙΛΙΠΠΩΝ: Ν.Δ. 179, ΕΔΗΚ 167, ΠΑΣΟΚ 97, Συμμαχία 11, ΚΚΕ 6, ΕΠ. 41, Νεοφιλελεύθεροι 1, Συνδυασμὸς ἀνεξαρτήτων 1, Μεμονωμένοι 1.

ΠΟΛΥΝΕΡΟΥ: Ν.Δ. 53, ΕΔΗΚ 4, ΠΑΣΟΚ 43, Συμμαχία 2, ΚΚΕ 10, ΕΠ. 11.

ΠΟΛΥΦΑΝΟΥ: Ν.Δ. 77, ΕΔΗΚ 13, ΠΑΣΟΚ 2, ΚΚΕ 2, Νεοφιλελεύθεροι 2, Μεμονωμένοι 1.

20ο ΓΥΝΑΙΚΩΝ ΑΓΙΟΥ ΠΑΥΛΟΥ ΚΑΒΑΛΑΣ: Ν.Δ. 124, ΕΔΗΚ 36, ΠΑΣΟΚ 88, Συμμαχία 8, ΚΚΕ 25, ΕΠ. 20, ΑΔΕ 2, Συνδυασμὸς ἀνεξαρτήτων 1.

21ο ΓΥΝΑΙΚΩΝ ΑΓΙΟΥ ΓΕΩΡΓΙΟΥ ΚΑΒΑΛΑΣ: Ν.Δ. 227, ΕΔΗΚ 42, ΠΑΣΟΚ 130, Συμμαχία 4, ΚΚΕ 67, ΕΠ. 13, ΑΔΕ 1.

22ο ΑΓΙΟΥ ΝΙΚΟΛΑΟΥ ΚΑΒΑΛΑΣ: Ν.Δ. 280, ΕΔΗΚ 67, ΠΑΣΟΚ 121, ΚΚΕ 35, ΕΠ. 22, Μεμονωμένοι 2.

23ο ΓΥΝΑΙΚΩΝ ΑΓΙΟΥ ΙΩΑΝΝΟΥ ΚΑΒΑΛΑΣ: Ν.Δ. 205, ΕΔΗΚ 50, ΠΑΣΟΚ 93, ΚΚΕ 45, ΕΠ. 21, ΑΔΕ 2.

24ο ΑΝΑΡΩΝ ΑΓΙΟΥ ΑΘΑΝΑΣΙΟΥ ΚΑΒΑΛΑΣ: Ν.Δ. 216, ΕΔΗΚ 49, ΠΑΣΟΚ 103, ΚΚΕ 38, ΕΠ. 11.

25ο ΓΥΝΑΙΚΩΝ ΑΓΙΟΥ ΑΘΑΝΑΣΙΟΥ ΚΑΒΑΛΑΣ: Ν.Δ. 279, ΕΔΗΚ 66, ΠΑΣΟΚ 128, ΚΚΕ 42, ΕΠ. 17.

133ο ΜΙΚΡΟΠΟΛΕΩΣ ΓΥΝΑΙΚΩΝ: Ν.Δ. 208, ΕΔΗΚ 33, ΠΑΣΟΚ 83, Συμμαχία 4, ΚΚΕ 20, ΕΠ. 24, Μεμονωμένοι 23.

130ο ΜΙΚΡΟΠΟΛΗΣ ΓΥΝΑΙΚΩΝ: Ν.Δ. 141, ΕΔΗΚ 30, ΠΑΣΟΚ 25, Συμμαχία 3, ΚΚΕ 11, ΕΠ. 29, Μεμονωμένοι 45.

140ο ΝΕΥΡΟΚΟΠΙΟΥ ΓΥΝΑΙΚΩΝ: Ν.Δ. 155, ΕΔΗΚ 14, ΠΑΣΟΚ 103, ΚΚΕ 7, Μεμονωμένοι 48.

141ο ΝΙΚΗΦΟΡΟΥ ΑΝΑΡΩΝ: Ν.Δ. 169, ΕΔΗΚ 10, ΠΑΣΟΚ 65, ΚΚΕ 21, ΕΠ. 14.

142ο ΝΙΚΗΦΟΡΟΥ ΓΥΝΑΙΚΩΝ: Ν.Δ. 169, ΕΔΗΚ 18, ΠΑΣΟΚ 61, ΚΚΕ 12, ΕΠ. 31, Νεοφιλελεύθεροι 9, ΕΚΚΕ 1, Μεμονωμένοι 12.

144ο ΠΡΟΣΟΤΣΑΝΗΣ ΑΝΑΡΩΝ: Ν.Δ. 161, ΕΔΗΚ 46, ΠΑΣΟΚ 78, ΚΚΕ 6, Μεμονωμένοι 22.

16ο ΠΑΡΑΔΕΙΣΟΥ: Ν.Δ. 127, ΕΔΗΚ 14, ΠΑΣΟΚ 47, ΚΚΕ 8, ΕΠ. 27.

14ο ΑΓΙΑΣΜΑΤΟΣ ΓΥΝΑΙΚΩΝ: Ν.Δ. 201, ΕΔΗΚ 20, ΠΑΣΟΚ 119, Συμμαχία 4, ΚΚΕ 14, ΕΠ. 5.

15ο ΠΗΓΩΝ: Ν.Δ. 227, ΕΔΗΚ 63, ΠΑΣΟΚ 107, Συμμαχία 5, ΚΚΕ 28, ΕΠ. 23.

16ο ΚΟΚΚΙΝΟΧΩΜΑΤΟΣ ΓΥΝΑΙΚΩΝ: Ν.Δ. 256, ΕΔΗΚ 71, ΠΑΣΟΚ 133, Συμμαχία 9, ΚΚΕ 16, ΕΠ. 39.

17ο ΖΥΓΟΥ ΓΥΝΑΙΚΩΝ: Ν.Δ. 192, ΕΔΗΚ 22, ΠΑΣΟΚ 62, ΚΚΕ 28, ΕΠ. 8.

18ο ΝΕΩΡΙΟΥ ΑΝΑΡΩΝ: Ν.Δ. 193, ΕΔΗΚ 21, ΠΑΣΟΚ 33, Συμμαχία 2, ΚΚΕ 53, ΕΠ. 31.

19ο ΑΝΑΡΩΝ ΠΑΝΑΓΙΑΣ ΘΑΣΟΥ: Ν.Δ. 150, ΕΔΗΚ 24, ΠΑΣΟΚ 61, ΚΚΕ 21, ΕΠ. 5.

20ο ΓΥΝΑΙΚΩΝ ΛΙΜΕΝΑΡΙΩΝ ΘΑΣΟΥ: Ν.Δ. 219, ΕΔΗΚ 31, ΠΑΣΟΚ 139, ΚΚΕ 11, ΕΠ. 27.

21ο ΑΝΑΡΩΝ ΚΟΚΚΙΝΟΧΩΜΑΤΟΣ: Ν.Δ. 206, ΕΔΗΚ 40, ΠΑΣΟΚ 122, Συμμαχία 6, ΚΚΕ 23, ΕΠ. 22.

22ο ΑΝΑΡΩΝ ΚΡΗΝΙΔΩΝ: Ν.Δ. 175, ΕΔΗΚ 40, ΠΑΣΟΚ 71, ΚΚΕ 10, ΕΠ. 14.

23ο ΓΥΝΑΙΚΩΝ ΧΡΥΣΟΥΠΟΛΕΩΣ: Ν.Δ. 174, ΕΔΗΚ 29, ΠΑΣΟΚ 75, ΚΚΕ 34, ΕΠ. 1.

24ο ΑΝΑΡΩΝ ΣΩΤΗΡΟΣ ΘΑΣΟΥ: Ν.Δ. 168, ΕΔΗΚ 27, ΠΑΣΟΚ 80, ΚΚΕ 15, ΕΠ. 5.

25ο ΜΕΣΟΡΟΠΗΣ: Ν.Δ. 132, ΕΔΗΚ 29, ΠΑΣΟΚ 88, Συμμαχία 6, ΚΚΕ 13, ΕΠ. 16.

26ο ΠΑΛΑΙΟΧΩΡΙΟΥ ΑΝΑΡΩΝ: Ν.Δ. 146, ΕΔΗΚ 38, ΠΑΣΟΚ 83, ΚΚΕ 9, ΕΠ. 13.

27ο ΑΜΙΓΔΑΛΕΩΝΑ: Ν.Δ. 144, ΕΔΗΚ 20, ΠΑΣΟΚ 76, ΚΚΕ 6, ΕΠ. 4.

28ο ΠΕΡΑΣΜΑΤΟΣ: Ν.Δ. 111, ΕΔΗΚ 19, ΠΑΣΟΚ 55, ΚΚΕ 15, ΕΠ. 5.

29ο ΕΛΕΥΘΕΡΟΥΠΟΛΕΩΣ ΑΝΑΡΩΝ: Ν.Δ. 231, ΕΔΗΚ 46, ΠΑΣΟΚ 136, ΚΚΕ 22, ΕΠ. 17.

30ο ΑΓΙΑΣ ΠΑΡΑΣΚΕΥΗΣ: Ν.Δ. 184, ΕΔΗΚ 44, ΠΑΣΟΚ 122, ΚΚΕ 14, ΕΠ. 2.

31ο ΑΓΙΑΣ ΒΑΡΒΑΡΑΣ ΑΝΑΡΩΝ: Ν.Δ. 204, ΕΔΗΚ 48, ΠΑΣΟΚ 122, ΚΚΕ 17, ΕΠ. 8.

Η ΣΥΝΕΧΕΙΑ ΣΤΗΝ ΠΡΟΤΕΛΕΥΤΑΙΑ ΣΕΛ.
